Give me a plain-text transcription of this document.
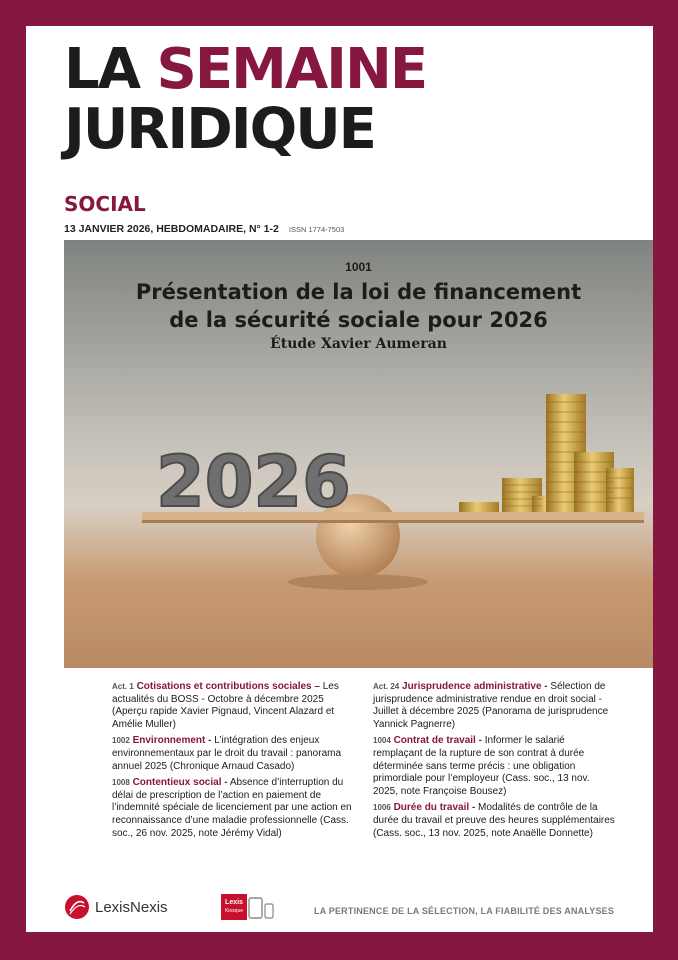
LA SEMAINE
JURIDIQUE
SOCIAL
13 JANVIER 2026, HEBDOMADAIRE, N° 1-2 ISSN 1774-7503
2026
1001
Présentation de la loi de financement
de la sécurité sociale pour 2026
Étude Xavier Aumeran
Act. 1 Cotisations et contributions sociales – Les actualités du BOSS - Octobre à décembre 2025 (Aperçu rapide Xavier Pignaud, Vincent Alazard et Amélie Muller)
1002 Environnement - L’intégration des enjeux environnementaux par le droit du travail : panorama annuel 2025 (Chronique Arnaud Casado)
1008 Contentieux social - Absence d’interruption du délai de prescription de l’action en paiement de l’indemnité spéciale de licenciement par une action en reconnaissance d’une maladie professionnelle (Cass. soc., 26 nov. 2025, note Jérémy Vidal)
Act. 24 Jurisprudence administrative - Sélection de jurisprudence administrative rendue en droit social - Juillet à décembre 2025 (Panorama de jurisprudence Yannick Pagnerre)
1004 Contrat de travail - Informer le salarié remplaçant de la rupture de son contrat à durée déterminée sans terme précis : une obligation primordiale pour l’employeur (Cass. soc., 13 nov. 2025, note Françoise Bousez)
1006 Durée du travail - Modalités de contrôle de la durée du travail et preuve des heures supplémentaires (Cass. soc., 13 nov. 2025, note Anaëlle Donnette)
LexisNexis	Lexis
Kiosque	LA PERTINENCE DE LA SÉLECTION, LA FIABILITÉ DES ANALYSES
